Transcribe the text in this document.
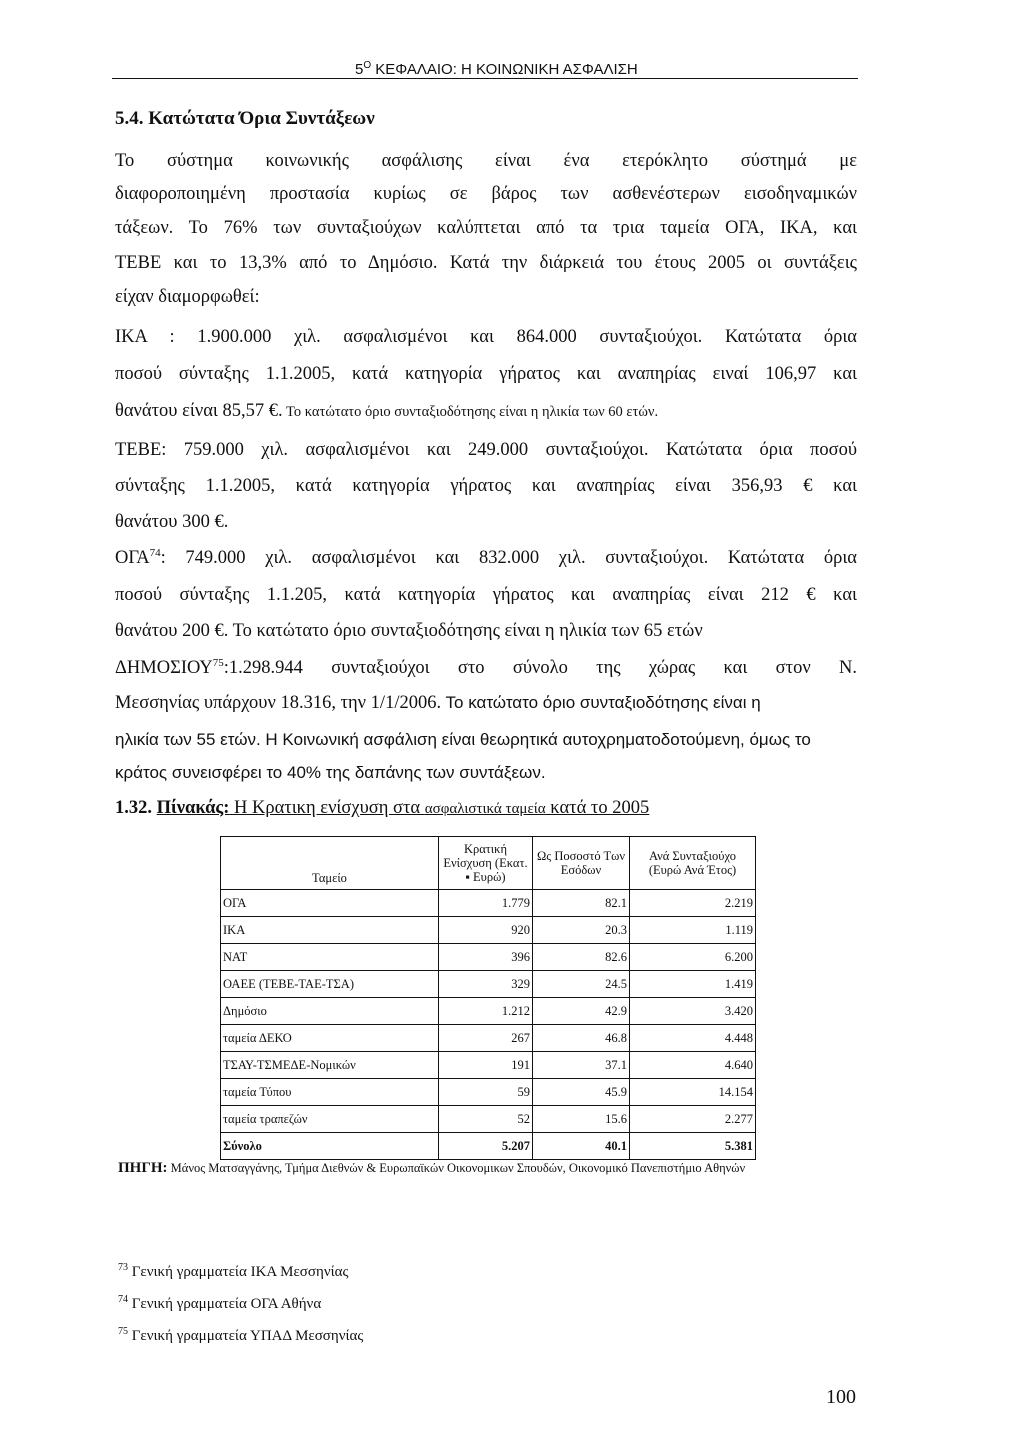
$5^O$ ΚΕΦΑΛΑΙΟ: Η ΚΟΙΝΩΝΙΚΗ ΑΣΦΑΛΙΣΗ
5.4. Κατώτατα Όρια Συντάξεων
Το σύστημα κοινωνικής ασφάλισης είναι ένα ετερόκλητο σύστημά με
διαφοροποιημένη προστασία κυρίως σε βάρος των ασθενέστερων εισοδηναμικών
τάξεων. Το 76% των συνταξιούχων καλύπτεται από τα τρια ταμεία ΟΓΑ, ΙΚΑ, και
ΤΕΒΕ και το 13,3% από το Δημόσιο. Κατά την διάρκειά του έτους 2005 οι συντάξεις
είχαν διαμορφωθεί:
ΙΚΑ : 1.900.000 χιλ. ασφαλισμένοι και 864.000 συνταξιούχοι. Κατώτατα όρια
ποσού σύνταξης 1.1.2005, κατά κατηγορία γήρατος και αναπηρίας ειναί 106,97 και
θανάτου είναι 85,57 €. Το κατώτατο όριο συνταξιοδότησης είναι η ηλικία των 60 ετών.
ΤΕΒΕ: 759.000 χιλ. ασφαλισμένοι και 249.000 συνταξιούχοι. Κατώτατα όρια ποσού
σύνταξης 1.1.2005, κατά κατηγορία γήρατος και αναπηρίας είναι 356,93 € και
θανάτου 300 €.
ΟΓΑ$^{74}$: 749.000 χιλ. ασφαλισμένοι και 832.000 χιλ. συνταξιούχοι. Κατώτατα όρια
ποσού σύνταξης 1.1.205, κατά κατηγορία γήρατος και αναπηρίας είναι 212 € και
θανάτου 200 €. Το κατώτατο όριο συνταξιοδότησης είναι η ηλικία των 65 ετών
ΔΗΜΟΣΙΟΥ$^{75}$:1.298.944 συνταξιούχοι στο σύνολο της χώρας και στον Ν.
Μεσσηνίας υπάρχουν 18.316, την 1/1/2006. Το κατώτατο όριο συνταξιοδότησης είναι η
ηλικία των 55 ετών. Η Κοινωνική ασφάλιση είναι θεωρητικά αυτοχρηματοδοτούμενη, όμως το
κράτος συνεισφέρει το 40% της δαπάνης των συντάξεων.
1.32. Πίνακάς: Η Κρατικη ενίσχυση στα ασφαλιστικά ταμεία κατά το 2005
Ταμείο	Κρατική Ενίσχυση (Εκατ. ▪ Ευρώ)	Ως Ποσοστό Των Εσόδων	Ανά Συνταξιούχο (Ευρώ Ανά Έτος)
ΟΓΑ	1.779	82.1	2.219
ΙΚΑ	920	20.3	1.119
ΝΑΤ	396	82.6	6.200
ΟΑΕΕ (ΤΕΒΕ-ΤΑΕ-ΤΣΑ)	329	24.5	1.419
Δημόσιο	1.212	42.9	3.420
ταμεία ΔΕΚΟ	267	46.8	4.448
ΤΣΑΥ-ΤΣΜΕΔΕ-Νομικών	191	37.1	4.640
ταμεία Τύπου	59	45.9	14.154
ταμεία τραπεζών	52	15.6	2.277
Σύνολο	5.207	40.1	5.381
ΠΗΓΗ: Μάνος Ματσαγγάνης, Τμήμα Διεθνών & Ευρωπαϊκών Οικονομικων Σπουδών, Οικονομικό Πανεπιστήμιο Αθηνών
$^{73}$ Γενική γραμματεία ΙΚΑ Μεσσηνίας
$^{74}$ Γενική γραμματεία ΟΓΑ Αθήνα
$^{75}$ Γενική γραμματεία ΥΠΑΔ Μεσσηνίας
100
